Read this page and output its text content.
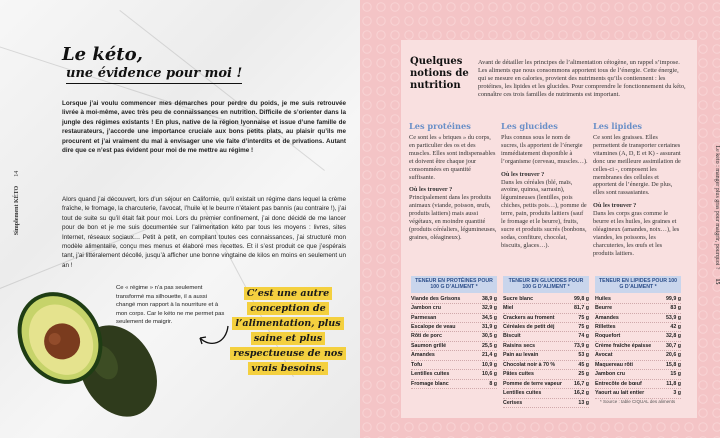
Simplement KÉTO  14
Le kéto,
une évidence pour moi !

Lorsque j’ai voulu commencer mes démarches pour perdre du poids, je me suis retrouvée livrée à moi-même, avec très peu de connaissances en nutrition. Difficile de s’orienter dans la jungle des régimes existants ! En plus, native de la région lyonnaise et issue d’une famille de restaurateurs, j’accorde une importance cruciale aux bons petits plats, au plaisir qu’ils me procurent et j’ai vraiment du mal à envisager une vie faite d’interdits et de privations. Autant dire que ce n’est pas évident pour moi de me mettre au régime !

Alors quand j’ai découvert, lors d’un séjour en Californie, qu’il existait un régime dans lequel la crème fraîche, le fromage, la charcuterie, l’avocat, l’huile et le beurre n’étaient pas bannis (au contraire !), j’ai tout de suite su qu’il était fait pour moi. Lors du premier confinement, j’ai donc décidé de me lancer pour de bon et je me suis documentée sur l’alimentation kéto par tous les moyens : livres, sites Internet, réseaux sociaux… Petit à petit, en compilant toutes ces connaissances, j’ai structuré mon modèle alimentaire, conçu mes menus et élaboré mes recettes. Et il s’est produit ce que j’espérais tant, j’ai littéralement décollé, jusqu’à afficher une bonne vingtaine de kilos en moins en seulement un an !

Ce « régime » n’a pas seulement transformé ma silhouette, il a aussi changé mon rapport à la nourriture et à mon corps. Car le kéto ne me permet pas seulement de maigrir.

C’est une autre conception de l’alimentation, plus saine et plus respectueuse de nos vrais besoins.
Le kéto : manger plus gras pour maigrir, pourquoi ?  15
Quelques notions de nutrition

Avant de détailler les principes de l’alimentation cétogène, un rappel s’impose. Les aliments que nous consommons apportent tous de l’énergie. Cette énergie, qui se mesure en calories, provient des nutriments qu’ils contiennent : les protéines, les lipides et les glucides. Pour comprendre le fonctionnement du kéto, connaître ces trois familles de nutriments est important.

Les protéines

Ce sont les « briques » du corps, en particulier des os et des muscles. Elles sont indispensables et doivent être chaque jour consommées en quantité suffisante.

Où les trouver ?
Principalement dans les produits animaux (viande, poisson, œufs, produits laitiers) mais aussi végétaux, en moindre quantité (produits céréaliers, légumineuses, graines, oléagineux).

Les glucides

Plus connus sous le nom de sucres, ils apportent de l’énergie immédiatement disponible à l’organisme (cerveau, muscles…).

Où les trouver ?
Dans les céréales (blé, maïs, avoine, quinoa, sarrasin), légumineuses (lentilles, pois chiches, petits pois…), pomme de terre, pain, produits laitiers (sauf le fromage et le beurre), fruits, sucre et produits sucrés (bonbons, sodas, confiture, chocolat, biscuits, glaces…).

Les lipides

Ce sont les graisses. Elles permettent de transporter certaines vitamines (A, D, E et K) - assurant donc une meilleure assimilation de celles-ci -, composent les membranes des cellules et apportent de l’énergie. De plus, elles sont rassasiantes.

Où les trouver ?
Dans les corps gras comme le beurre et les huiles, les graines et oléagineux (amandes, noix…), les viandes, les poissons, les charcuteries, les œufs et les produits laitiers.

TENEUR EN PROTÉINES POUR 100 G D’ALIMENT *
Viande des Grisons	38,9 g
Jambon cru	32,9 g
Parmesan	34,5 g
Escalope de veau	31,9 g
Rôti de porc	30,5 g
Saumon grillé	25,5 g
Amandes	21,4 g
Tofu	10,9 g
Lentilles cuites	10,6 g
Fromage blanc	8 g
TENEUR EN GLUCIDES POUR 100 G D’ALIMENT *
Sucre blanc	99,8 g
Miel	81,7 g
Crackers au froment	75 g
Céréales de petit déj	75 g
Biscuit	74 g
Raisins secs	73,9 g
Pain au levain	53 g
Chocolat noir à 70 %	45 g
Pâtes cuites	25 g
Pomme de terre vapeur 16,7 g
Lentilles cuites	16,2 g
Cerises	13 g
TENEUR EN LIPIDES POUR 100 G D’ALIMENT *
Huiles	99,9 g
Beurre	83 g
Amandes	53,9 g
Rillettes	42 g
Roquefort	32,8 g
Crème fraîche épaisse	30,7 g
Avocat	20,6 g
Maquereau rôti	15,8 g
Jambon cru	15 g
Entrecôte de bœuf	11,8 g
Yaourt au lait entier	3 g
* Source : table CIQUAL des aliments
